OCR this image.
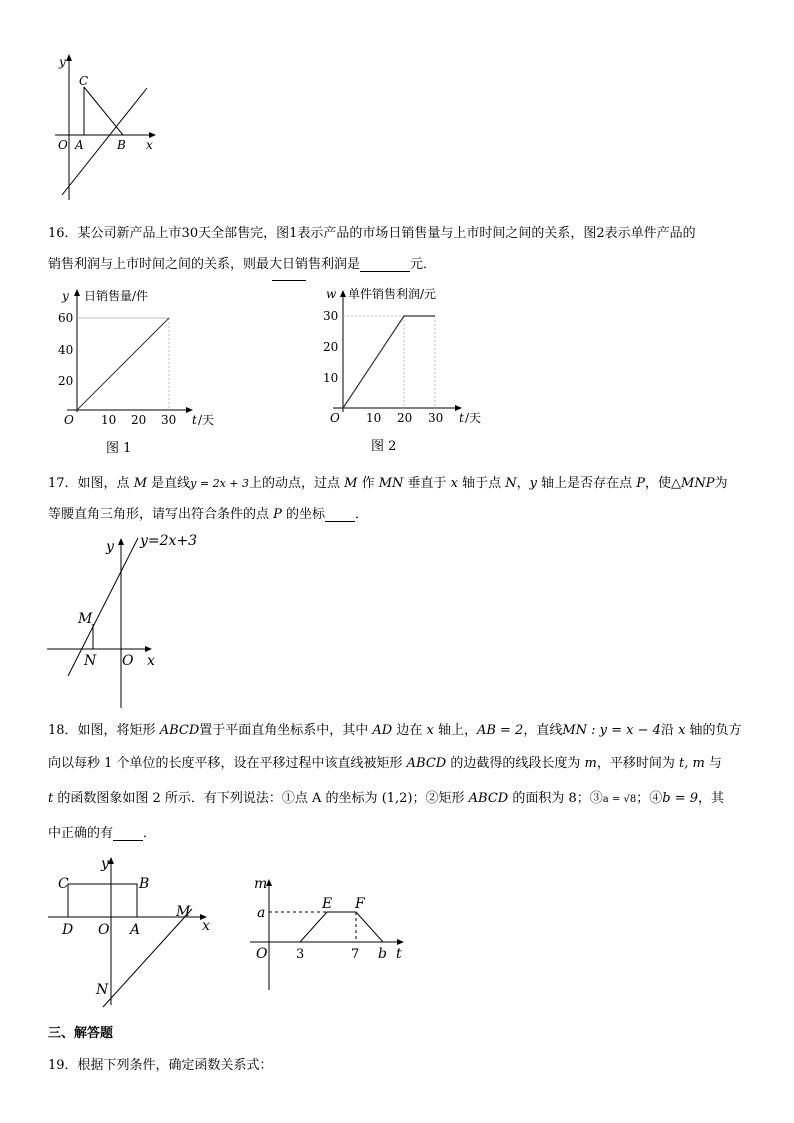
y
C
O A	B x
16．某公司新产品上市30天全部售完，图1表示产品的市场日销售量与上市时间之间的关系，图2表示单件产品的
销售利润与上市时间之间的关系，则最大日销售利润是	元．
y 日销售量/件
60
40
20
O 10 20 30 t /天
图 1
w 单件销售利润/元
30
20
10
O 10 20 30 t /天
图 2
17．如图，点 M 是直线y = 2x + 3上的动点，过点 M 作 MN 垂直于 x 轴于点 N，y 轴上是否存在点 P，使△MNP为
等腰直角三角形，请写出符合条件的点 P 的坐标 ．
y y=2x+3
M
N O x
18．如图，将矩形 ABCD置于平面直角坐标系中，其中 AD 边在 x 轴上，AB = 2，直线MN : y = x − 4沿 x 轴的负方
向以每秒 1 个单位的长度平移，设在平移过程中该直线被矩形 ABCD 的边截得的线段长度为 m，平移时间为 t, m 与
t 的函数图象如图 2 所示．有下列说法：①点 A 的坐标为 (1,2)；②矩形 ABCD 的面积为 8；③a = √8；④b = 9，其
中正确的有 ．
C	B
y
M
D O A	x
N
m
a
E F
O 3	7 b t
三、解答题
19．根据下列条件，确定函数关系式：
